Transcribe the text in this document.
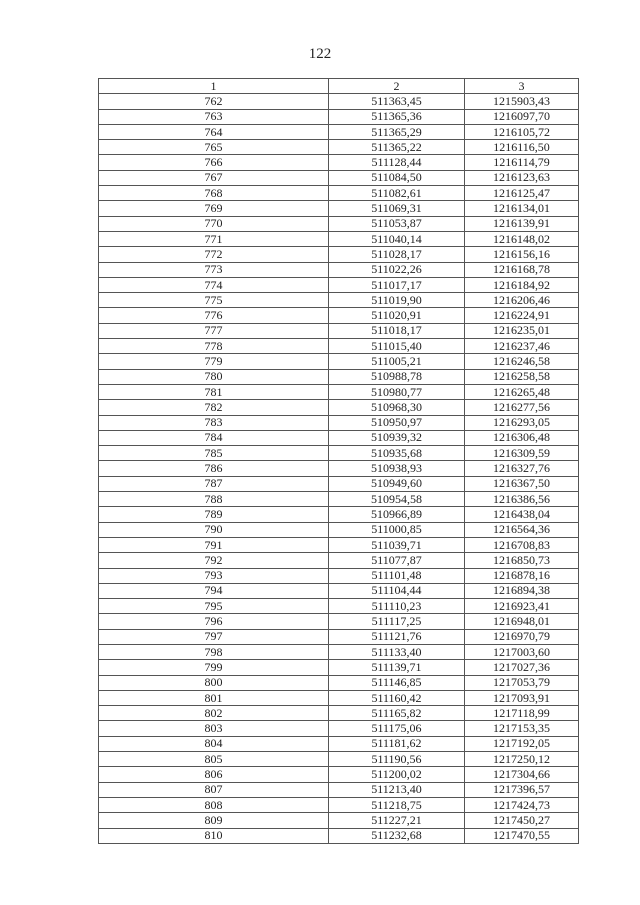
122
1	2	3
762	511363,45	1215903,43
763	511365,36	1216097,70
764	511365,29	1216105,72
765	511365,22	1216116,50
766	511128,44	1216114,79
767	511084,50	1216123,63
768	511082,61	1216125,47
769	511069,31	1216134,01
770	511053,87	1216139,91
771	511040,14	1216148,02
772	511028,17	1216156,16
773	511022,26	1216168,78
774	511017,17	1216184,92
775	511019,90	1216206,46
776	511020,91	1216224,91
777	511018,17	1216235,01
778	511015,40	1216237,46
779	511005,21	1216246,58
780	510988,78	1216258,58
781	510980,77	1216265,48
782	510968,30	1216277,56
783	510950,97	1216293,05
784	510939,32	1216306,48
785	510935,68	1216309,59
786	510938,93	1216327,76
787	510949,60	1216367,50
788	510954,58	1216386,56
789	510966,89	1216438,04
790	511000,85	1216564,36
791	511039,71	1216708,83
792	511077,87	1216850,73
793	511101,48	1216878,16
794	511104,44	1216894,38
795	511110,23	1216923,41
796	511117,25	1216948,01
797	511121,76	1216970,79
798	511133,40	1217003,60
799	511139,71	1217027,36
800	511146,85	1217053,79
801	511160,42	1217093,91
802	511165,82	1217118,99
803	511175,06	1217153,35
804	511181,62	1217192,05
805	511190,56	1217250,12
806	511200,02	1217304,66
807	511213,40	1217396,57
808	511218,75	1217424,73
809	511227,21	1217450,27
810	511232,68	1217470,55
